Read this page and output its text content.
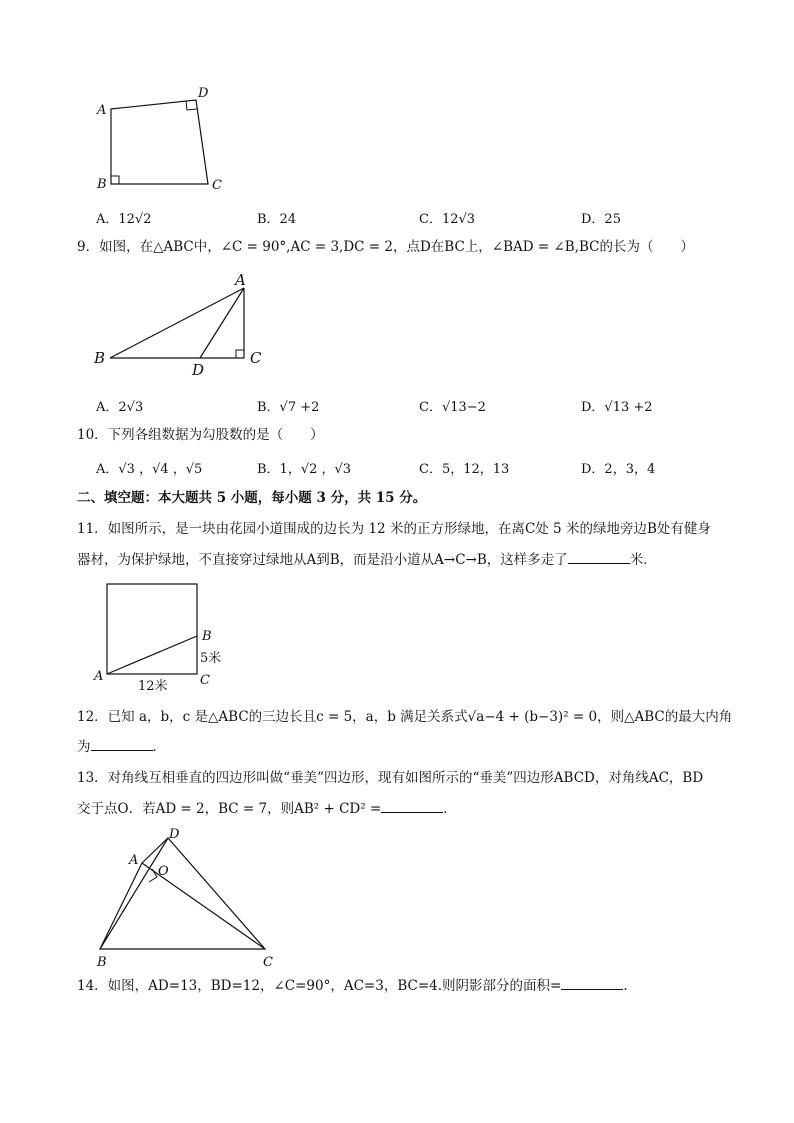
A
D
B	C
A．12√2	B．24	C．12√3	D．25
9．如图，在△ABC中，∠C = 90°,AC = 3,DC = 2，点D在BC上，∠BAD = ∠B,BC的长为（　　）
A
B	C
D
A．2√3	B．√7 +2	C．√13−2	D．√13 +2
10．下列各组数据为勾股数的是（　　）
A．√3 ，√4 ，√5	B．1，√2 ，√3	C．5，12，13	D．2，3，4
二、填空题：本大题共 5 小题，每小题 3 分，共 15 分。
11．如图所示，是一块由花园小道围成的边长为 12 米的正方形绿地，在离C处 5 米的绿地旁边B处有健身
器材，为保护绿地，不直接穿过绿地从A到B，而是沿小道从A→C→B，这样多走了	米．
A
B
C
5米
12米
12．已知 a，b，c 是△ABC的三边长且c = 5，a，b 满足关系式√a−4 + (b−3)² = 0，则△ABC的最大内角
为	．
13．对角线互相垂直的四边形叫做“垂美”四边形，现有如图所示的“垂美”四边形ABCD，对角线AC，BD
交于点O．若AD = 2，BC = 7，则AB² + CD² =	．
A
D
O
B	C
14．如图，AD=13，BD=12，∠C=90°，AC=3，BC=4.则阴影部分的面积=	.
